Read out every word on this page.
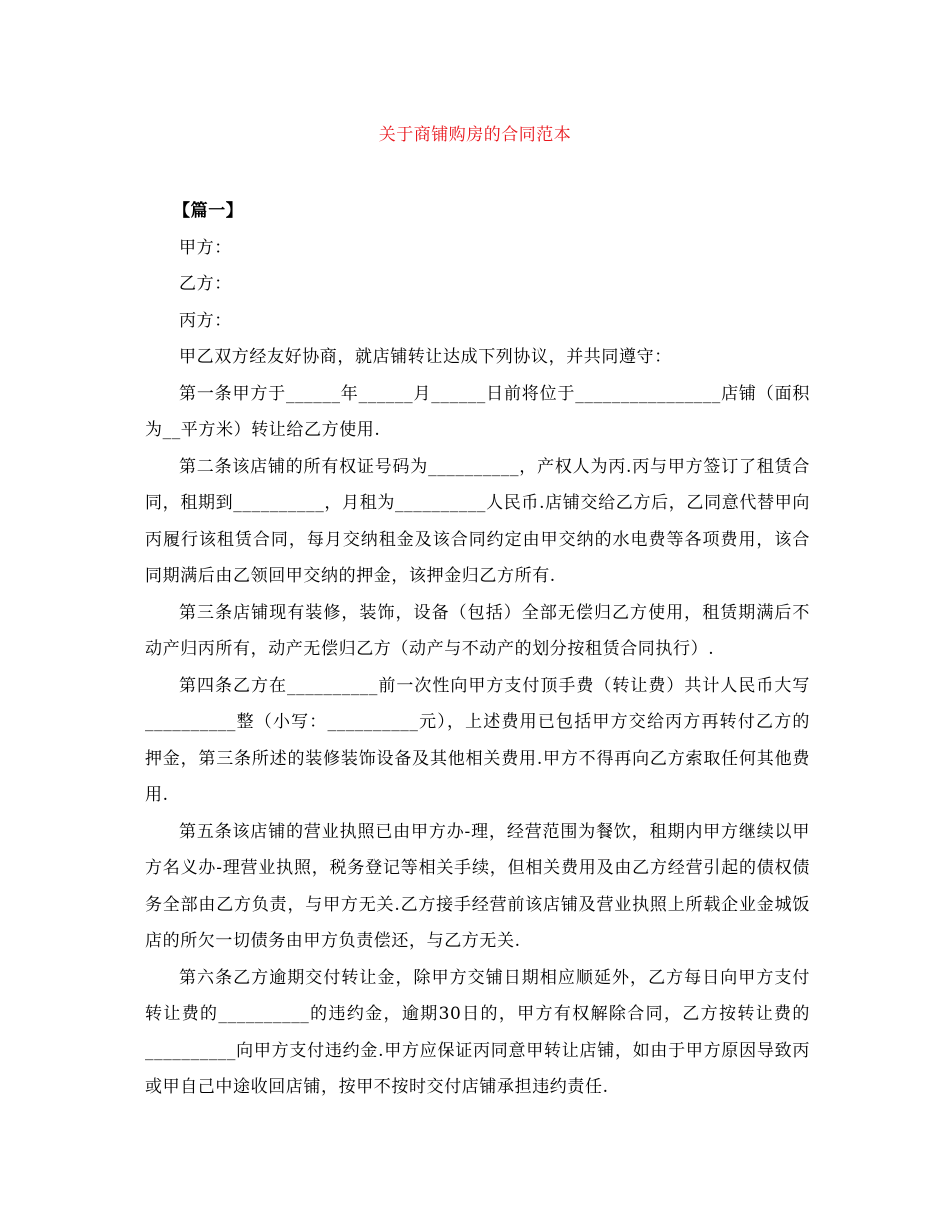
关于商铺购房的合同范本

【篇一】

甲方：

乙方：

丙方：

甲乙双方经友好协商，就店铺转让达成下列协议，并共同遵守：

第一条甲方于______年______月______日前将位于________________店铺（面积为__平方米）转让给乙方使用.

第二条该店铺的所有权证号码为__________，产权人为丙.丙与甲方签订了租赁合同，租期到__________，月租为__________人民币.店铺交给乙方后，乙同意代替甲向丙履行该租赁合同，每月交纳租金及该合同约定由甲交纳的水电费等各项费用，该合同期满后由乙领回甲交纳的押金，该押金归乙方所有.

第三条店铺现有装修，装饰，设备（包括）全部无偿归乙方使用，租赁期满后不动产归丙所有，动产无偿归乙方（动产与不动产的划分按租赁合同执行）.

第四条乙方在__________前一次性向甲方支付顶手费（转让费）共计人民币大写__________整（小写：__________元），上述费用已包括甲方交给丙方再转付乙方的押金，第三条所述的装修装饰设备及其他相关费用.甲方不得再向乙方索取任何其他费用.

第五条该店铺的营业执照已由甲方办-理，经营范围为餐饮，租期内甲方继续以甲方名义办-理营业执照，税务登记等相关手续，但相关费用及由乙方经营引起的债权债务全部由乙方负责，与甲方无关.乙方接手经营前该店铺及营业执照上所载企业金城饭店的所欠一切债务由甲方负责偿还，与乙方无关.

第六条乙方逾期交付转让金，除甲方交铺日期相应顺延外，乙方每日向甲方支付转让费的__________的违约金，逾期30日的，甲方有权解除合同，乙方按转让费的__________向甲方支付违约金.甲方应保证丙同意甲转让店铺，如由于甲方原因导致丙或甲自己中途收回店铺，按甲不按时交付店铺承担违约责任.
